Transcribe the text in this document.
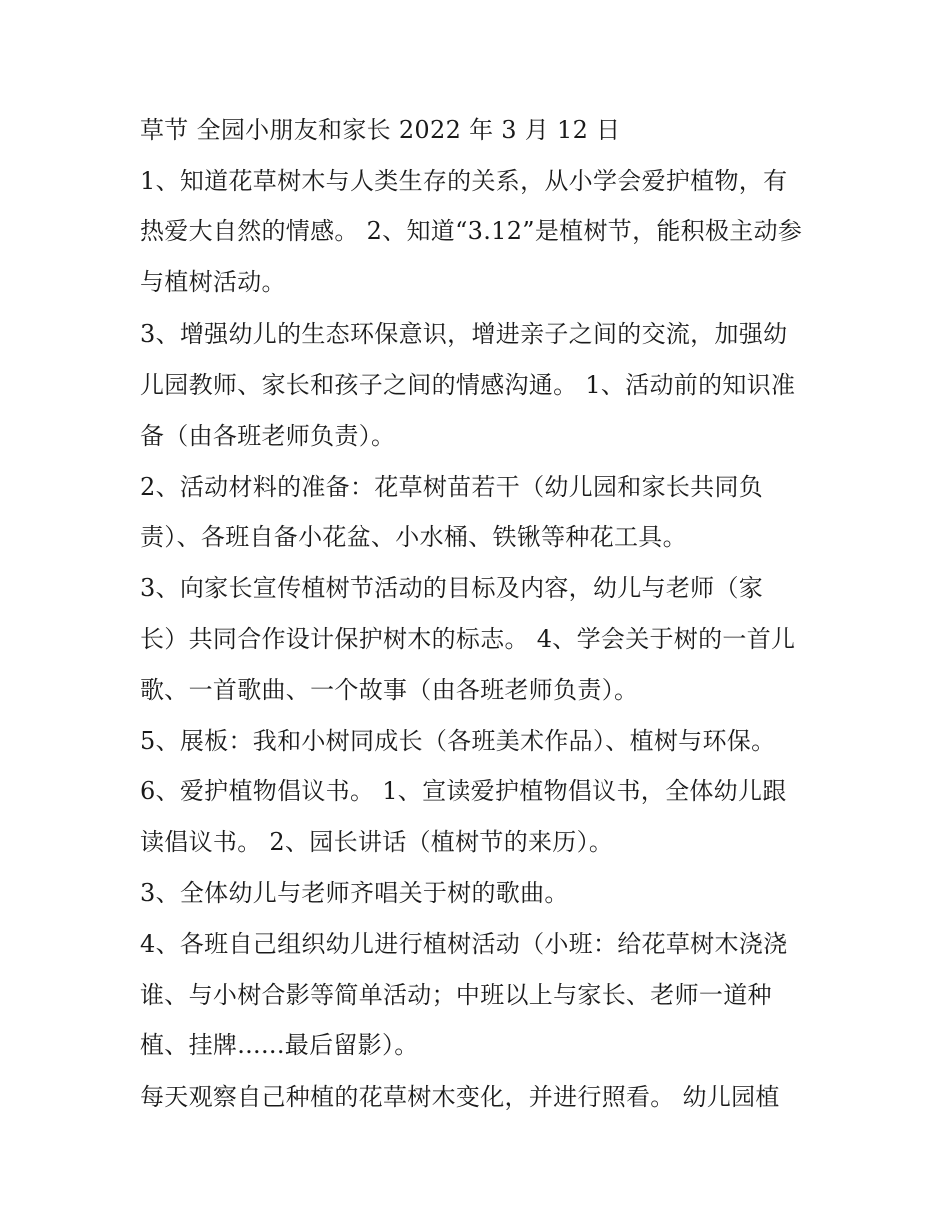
草节 全园小朋友和家长 2022 年 3 月 12 日

1、知道花草树木与人类生存的关系，从小学会爱护植物，有

热爱大自然的情感。 2、知道“3.12”是植树节，能积极主动参

与植树活动。

3、增强幼儿的生态环保意识，增进亲子之间的交流，加强幼

儿园教师、家长和孩子之间的情感沟通。 1、活动前的知识准

备（由各班老师负责）。

2、活动材料的准备：花草树苗若干（幼儿园和家长共同负

责）、各班自备小花盆、小水桶、铁锹等种花工具。

3、向家长宣传植树节活动的目标及内容，幼儿与老师（家

长）共同合作设计保护树木的标志。 4、学会关于树的一首儿

歌、一首歌曲、一个故事（由各班老师负责）。

5、展板：我和小树同成长（各班美术作品）、植树与环保。

6、爱护植物倡议书。 1、宣读爱护植物倡议书，全体幼儿跟

读倡议书。 2、园长讲话（植树节的来历）。

3、全体幼儿与老师齐唱关于树的歌曲。

4、各班自己组织幼儿进行植树活动（小班：给花草树木浇浇

谁、与小树合影等简单活动；中班以上与家长、老师一道种

植、挂牌......最后留影）。

每天观察自己种植的花草树木变化，并进行照看。 幼儿园植
